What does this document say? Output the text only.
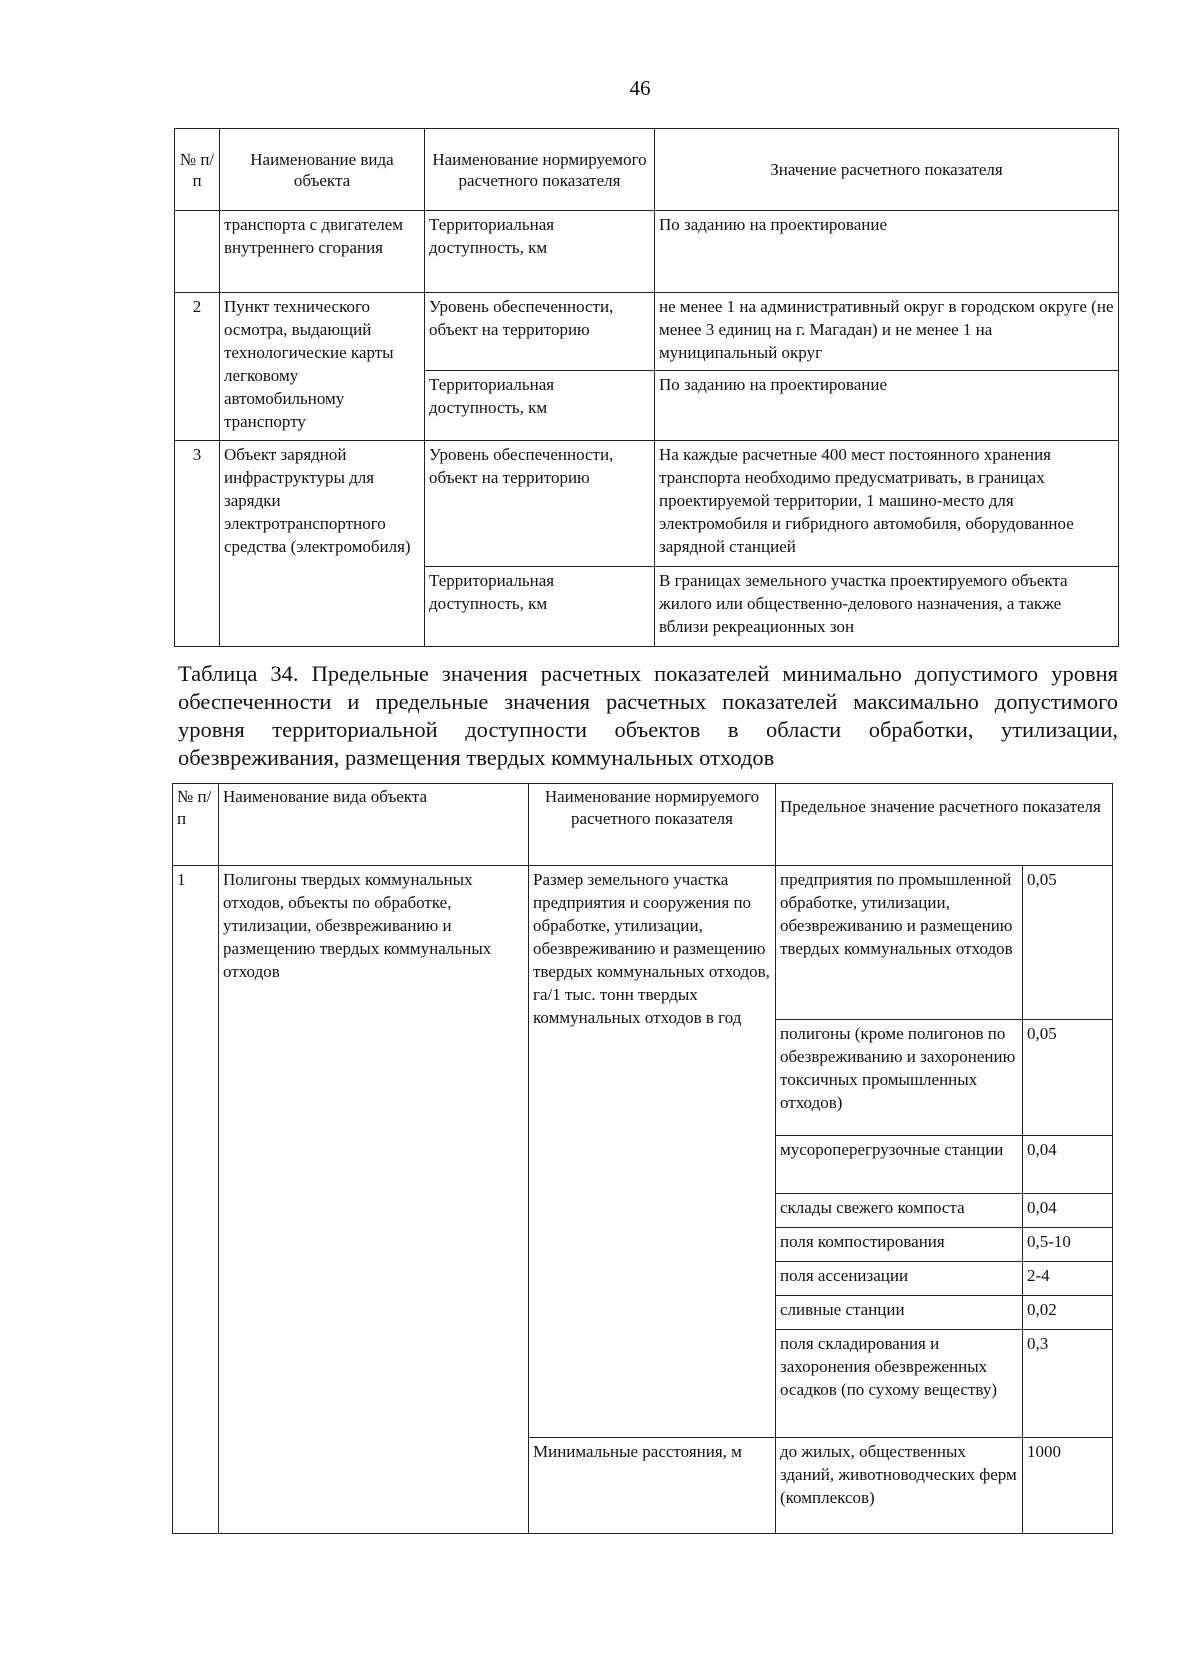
46
№ п/п	Наименование вида объекта	Наименование нормируемого расчетного показателя	Значение расчетного показателя
	транспорта с двигателем внутреннего сгорания	Территориальная доступность, км	По заданию на проектирование
2	Пункт технического осмотра, выдающий технологические карты легковому автомобильному транспорту	Уровень обеспеченности, объект на территорию	не менее 1 на административный округ в городском округе (не менее 3 единиц на г. Магадан) и не менее 1 на муниципальный округ
		Территориальная доступность, км	По заданию на проектирование
3	Объект зарядной инфраструктуры для зарядки электротранспортного средства (электромобиля)	Уровень обеспеченности, объект на территорию	На каждые расчетные 400 мест постоянного хранения транспорта необходимо предусматривать, в границах проектируемой территории, 1 машино-место для электромобиля и гибридного автомобиля, оборудованное зарядной станцией
		Территориальная доступность, км	В границах земельного участка проектируемого объекта жилого или общественно-делового назначения, а также вблизи рекреационных зон
Таблица 34. Предельные значения расчетных показателей минимально допустимого уровня обеспеченности и предельные значения расчетных показателей максимально допустимого уровня территориальной доступности объектов в области обработки, утилизации, обезвреживания, размещения твердых коммунальных отходов
№ п/п	Наименование вида объекта	Наименование нормируемого расчетного показателя	Предельное значение расчетного показателя	
1	Полигоны твердых коммунальных отходов, объекты по обработке, утилизации, обезвреживанию и размещению твердых коммунальных отходов	Размер земельного участка предприятия и сооружения по обработке, утилизации, обезвреживанию и размещению твердых коммунальных отходов, га/1 тыс. тонн твердых коммунальных отходов в год	предприятия по промышленной обработке, утилизации, обезвреживанию и размещению твердых коммунальных отходов	0,05
			полигоны (кроме полигонов по обезвреживанию и захоронению токсичных промышленных отходов)	0,05
			мусороперегрузочные станции	0,04
			склады свежего компоста	0,04
			поля компостирования	0,5-10
			поля ассенизации	2-4
			сливные станции	0,02
			поля складирования и захоронения обезвреженных осадков (по сухому веществу)	0,3
		Минимальные расстояния, м	до жилых, общественных зданий, животноводческих ферм (комплексов)	1000
